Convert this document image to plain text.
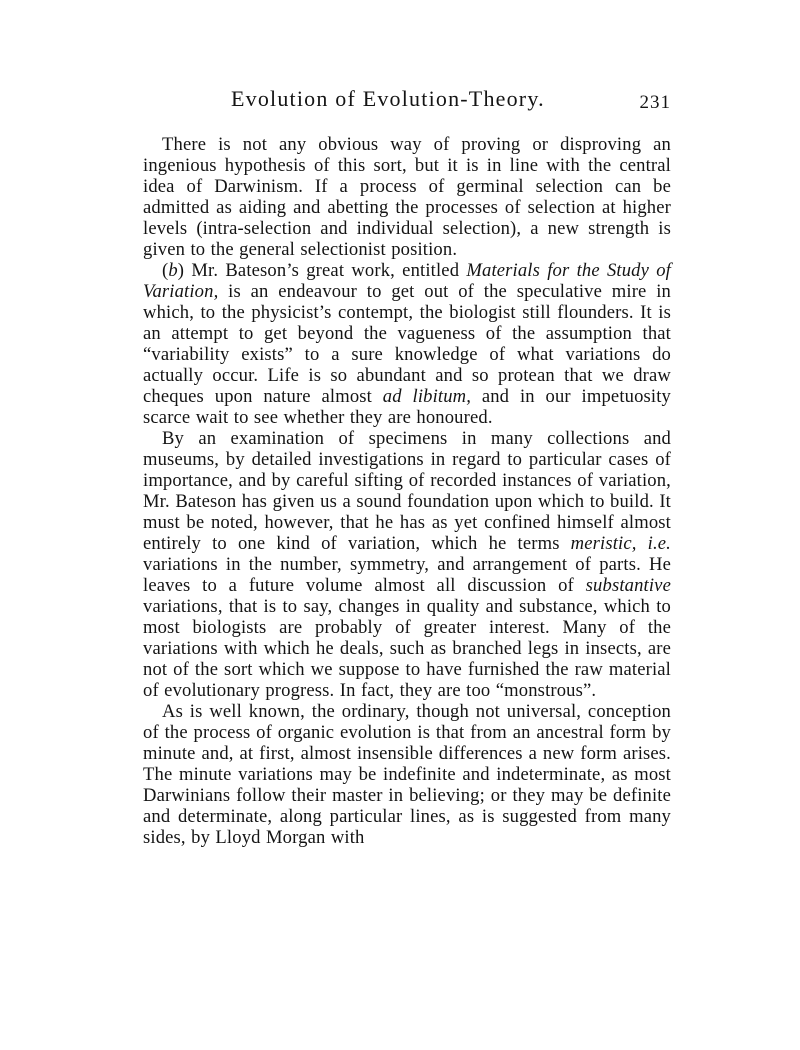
Evolution of Evolution-Theory.	231

There is not any obvious way of proving or disproving an ingenious hypothesis of this sort, but it is in line with the central idea of Darwinism. If a process of germinal selection can be admitted as aiding and abetting the processes of selection at higher levels (intra-selection and individual selection), a new strength is given to the general selectionist position.

(b) Mr. Bateson’s great work, entitled Materials for the Study of Variation, is an endeavour to get out of the speculative mire in which, to the physicist’s contempt, the biologist still flounders. It is an attempt to get beyond the vagueness of the assumption that “variability exists” to a sure knowledge of what variations do actually occur. Life is so abundant and so protean that we draw cheques upon nature almost ad libitum, and in our impetuosity scarce wait to see whether they are honoured.

By an examination of specimens in many collections and museums, by detailed investigations in regard to particular cases of importance, and by careful sifting of recorded instances of variation, Mr. Bateson has given us a sound foundation upon which to build. It must be noted, however, that he has as yet confined himself almost entirely to one kind of variation, which he terms meristic, i.e. variations in the number, symmetry, and arrangement of parts. He leaves to a future volume almost all discussion of substantive variations, that is to say, changes in quality and substance, which to most biologists are probably of greater interest. Many of the variations with which he deals, such as branched legs in insects, are not of the sort which we suppose to have furnished the raw material of evolutionary progress. In fact, they are too “monstrous”.

As is well known, the ordinary, though not universal, conception of the process of organic evolution is that from an ancestral form by minute and, at first, almost insensible differences a new form arises. The minute variations may be indefinite and indeterminate, as most Darwinians follow their master in believing; or they may be definite and determinate, along particular lines, as is suggested from many sides, by Lloyd Morgan with
